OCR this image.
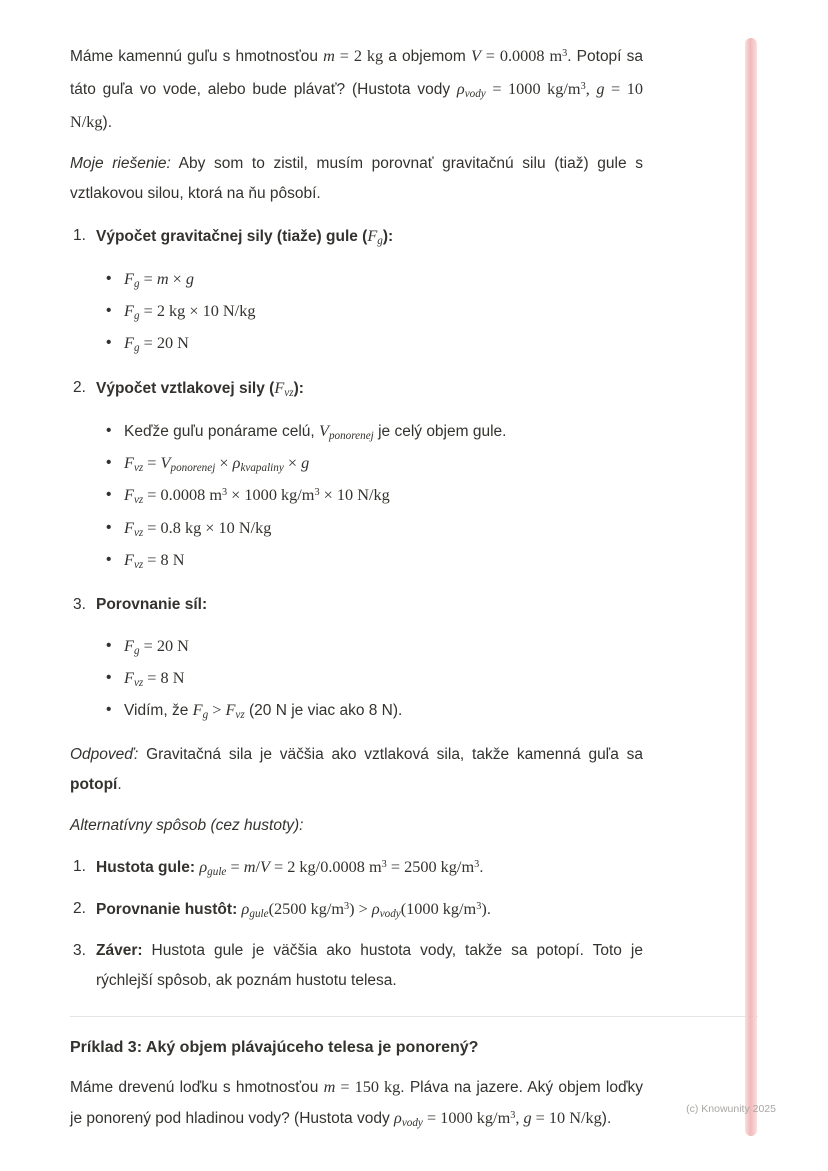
Máme kamennú guľu s hmotnosťou m = 2 kg a objemom V = 0.0008 $m^3$. Potopí sa táto guľa vo vode, alebo bude plávať? (Hustota vody ρvody = 1000 $kg/m^3$, g = 10 N/kg).

Moje riešenie: Aby som to zistil, musím porovnať gravitačnú silu (tiaž) gule s vztlakovou silou, ktorá na ňu pôsobí.

Výpočet gravitačnej sily (tiaže) gule (Fg):
• Fg = m × g
• Fg = 2 kg × 10 N/kg
• Fg = 20 N
Výpočet vztlakovej sily (Fvz):
• Keďže guľu ponárame celú, Vponorenej je celý objem gule.
• Fvz = Vponorenej × ρkvapaliny × g
• Fvz = 0.0008 $m^3 \times 1000$ $kg/m^3 \times 10$ N/kg
• Fvz = 0.8 kg × 10 N/kg
• Fvz = 8 N
Porovnanie síl:
• Fg = 20 N
• Fvz = 8 N
• Vidím, že Fg > Fvz (20 N je viac ako 8 N).

Odpoveď: Gravitačná sila je väčšia ako vztlaková sila, takže kamenná guľa sa potopí.

Alternatívny spôsob (cez hustoty):

Hustota gule: ρgule = m/V = 2 kg/0.0008 $m^3 = 2500$ $kg/m^3$.
Porovnanie hustôt: ρgule(2500 $kg/m^3$) > ρvody(1000 $kg/m^3$).
Záver: Hustota gule je väčšia ako hustota vody, takže sa potopí. Toto je rýchlejší spôsob, ak poznám hustotu telesa.
Príklad 3: Aký objem plávajúceho telesa je ponorený?

Máme drevenú loďku s hmotnosťou m = 150 kg. Pláva na jazere. Aký objem loďky je ponorený pod hladinou vody? (Hustota vody ρvody = 1000 $kg/m^3$, g = 10 N/kg).

(c) Knowunity 2025
